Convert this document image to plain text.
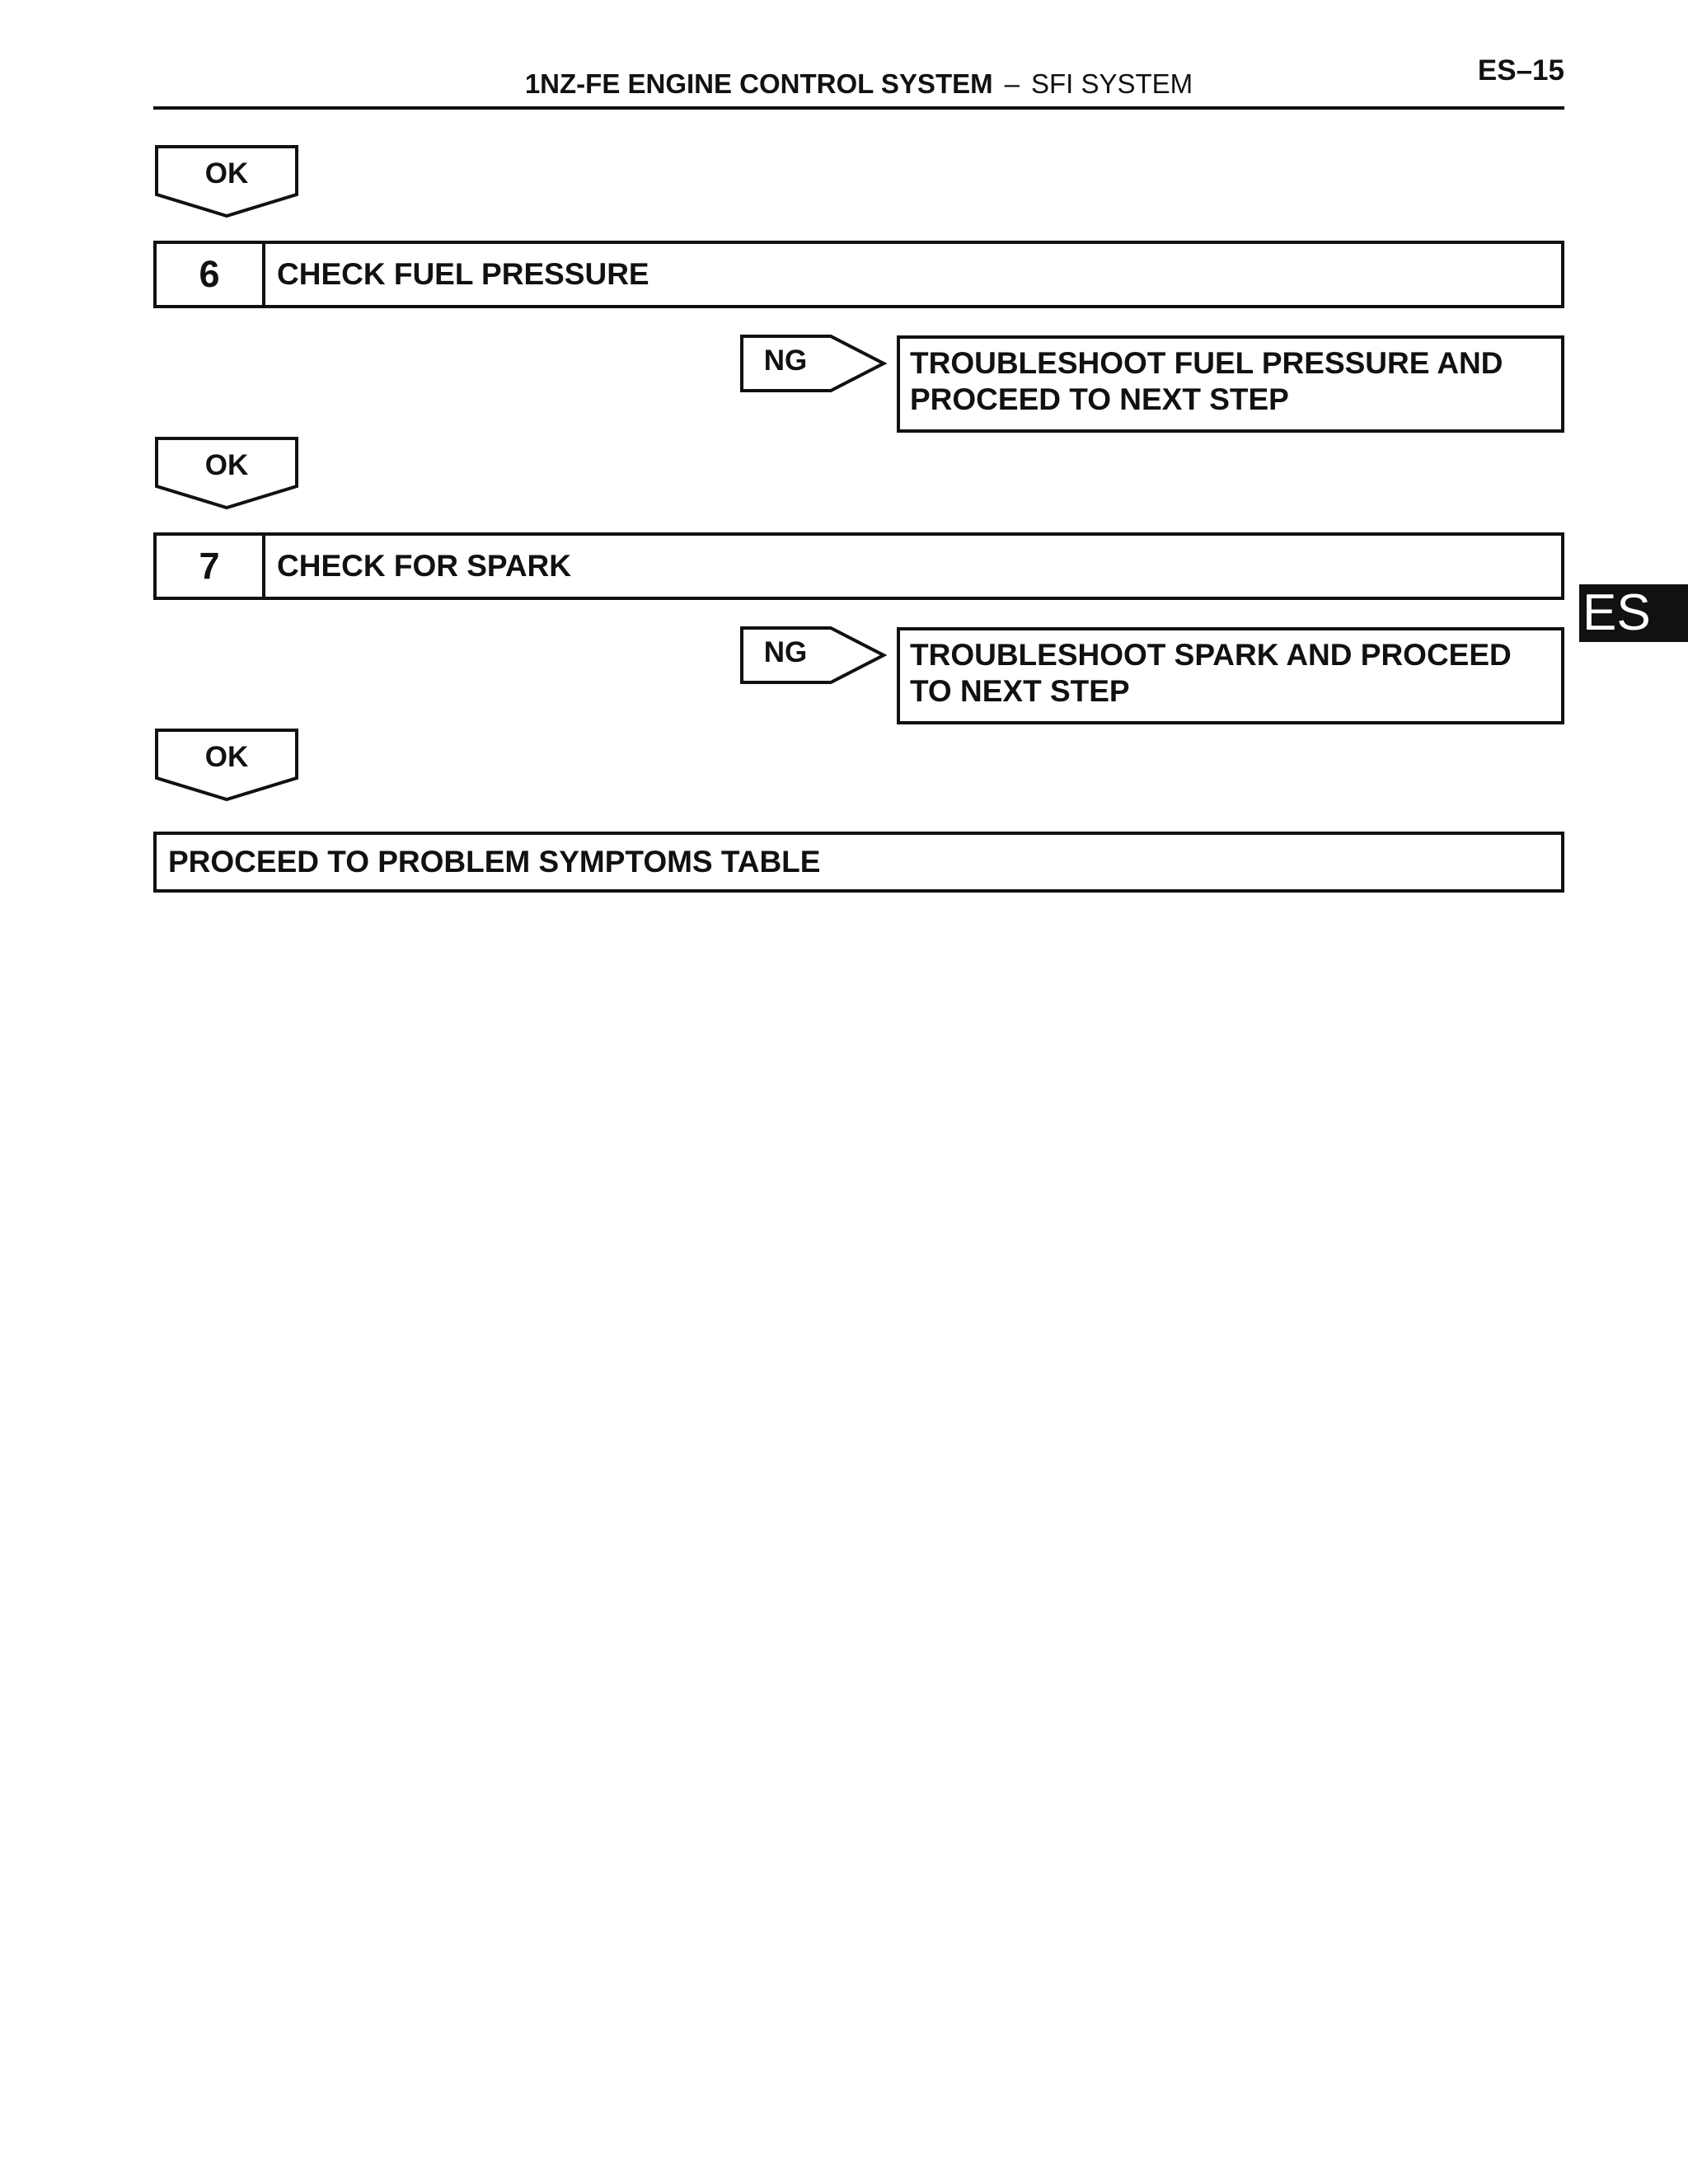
1NZ-FE ENGINE CONTROL SYSTEM – SFI SYSTEM	ES–15
OK
6	CHECK FUEL PRESSURE
NG	TROUBLESHOOT FUEL PRESSURE AND
PROCEED TO NEXT STEP
OK
7	CHECK FOR SPARK
NG	TROUBLESHOOT SPARK AND PROCEED
TO NEXT STEP
OK
PROCEED TO PROBLEM SYMPTOMS TABLE
ES
